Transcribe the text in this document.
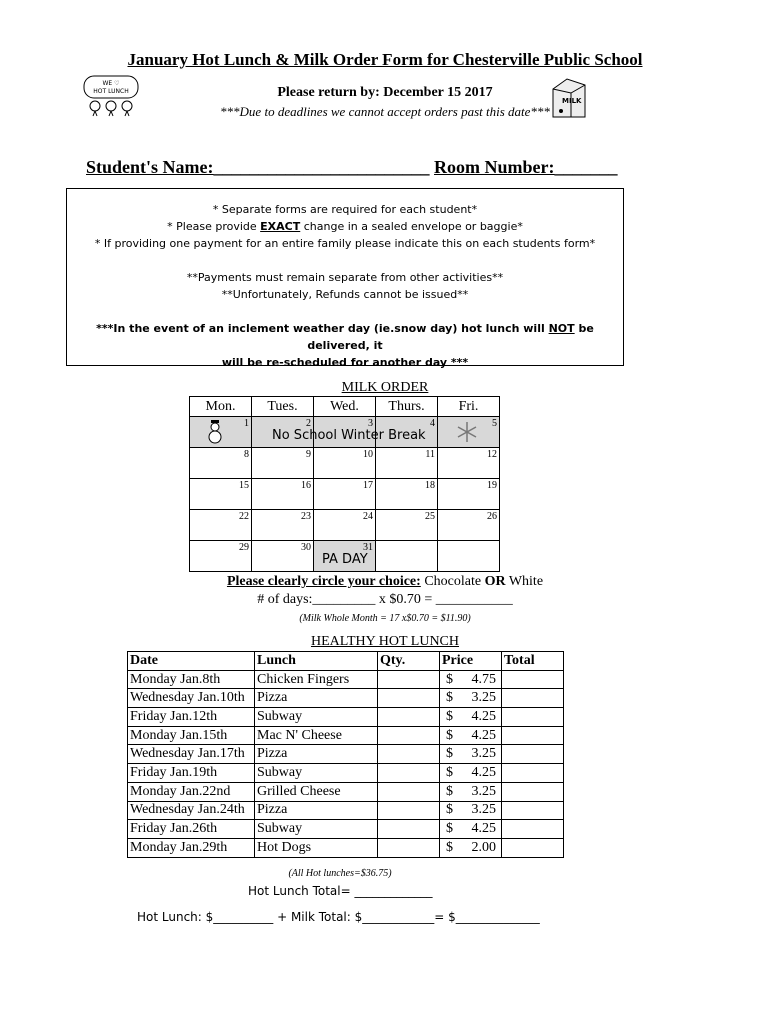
January Hot Lunch & Milk Order Form for Chesterville Public School
WE ♡
HOT LUNCH
MILK
Please return by: December 15 2017
***Due to deadlines we cannot accept orders past this date***
Student's Name:________________________ Room Number:_______

* Separate forms are required for each student*

* Please provide EXACT change in a sealed envelope or baggie*

* If providing one payment for an entire family please indicate this on each students form*

**Payments must remain separate from other activities**

**Unfortunately, Refunds cannot be issued**

***In the event of an inclement weather day (ie.snow day) hot lunch will NOT be delivered, it

will be re-scheduled for another day ***

MILK ORDER
Mon.	Tues.	Wed.	Thurs.	Fri.

1	2	3	4	5

8	9	10	11	12

15	16	17	18	19

22	23	24	25	26

29	30	31		

No School Winter Break
PA DAY
Please clearly circle your choice: Chocolate OR White
# of days:_________ x $0.70 = ___________
(Milk Whole Month = 17 x$0.70 = $11.90)
HEALTHY HOT LUNCH
Date	Lunch	Qty.	Price	Total
Monday Jan.8th	Chicken Fingers		$ 4.75	
Wednesday Jan.10th	Pizza		$ 3.25	
Friday Jan.12th	Subway		$ 4.25	
Monday Jan.15th	Mac N' Cheese		$ 4.25	
Wednesday Jan.17th	Pizza		$ 3.25	
Friday Jan.19th	Subway		$ 4.25	
Monday Jan.22nd	Grilled Cheese		$ 3.25	
Wednesday Jan.24th	Pizza		$ 3.25	
Friday Jan.26th	Subway		$ 4.25	
Monday Jan.29th	Hot Dogs		$ 2.00	
(All Hot lunches=$36.75)
Hot Lunch Total= _____________
Hot Lunch: $__________ + Milk Total: $____________= $______________
